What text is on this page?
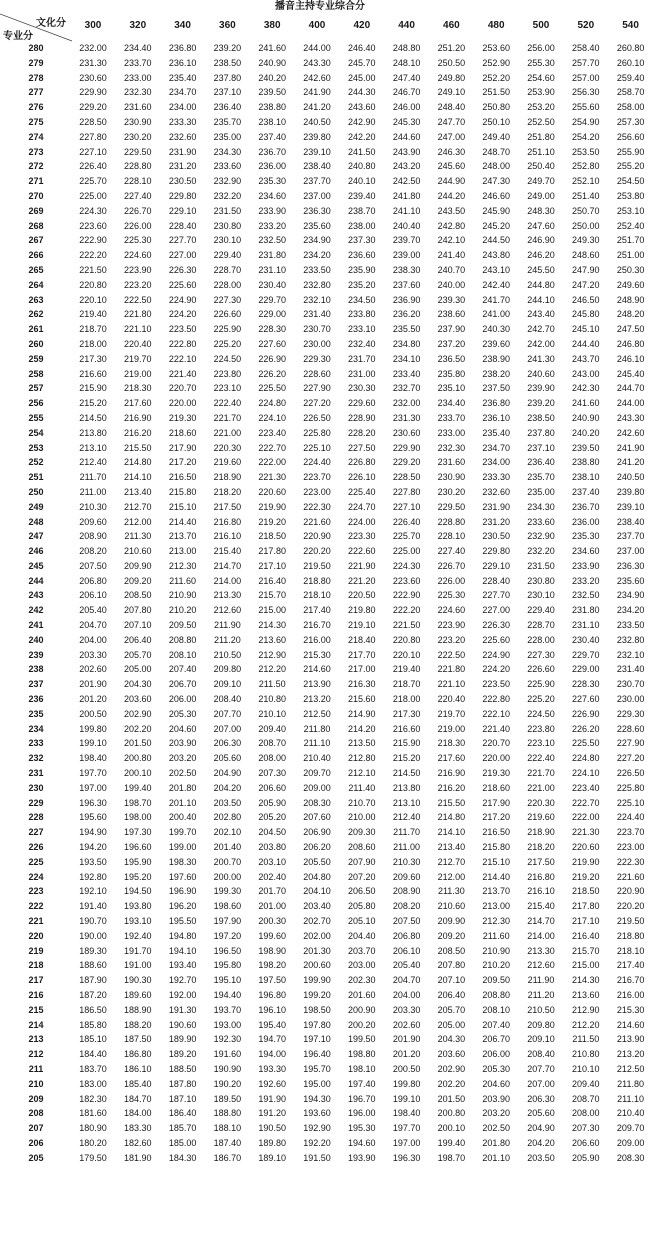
播音主持专业综合分
文化分
专业分
300	320	340	360	380	400	420	440	460	480	500	520	540
280	232.00	234.40	236.80	239.20	241.60	244.00	246.40	248.80	251.20	253.60	256.00	258.40	260.80
279	231.30	233.70	236.10	238.50	240.90	243.30	245.70	248.10	250.50	252.90	255.30	257.70	260.10
278	230.60	233.00	235.40	237.80	240.20	242.60	245.00	247.40	249.80	252.20	254.60	257.00	259.40
277	229.90	232.30	234.70	237.10	239.50	241.90	244.30	246.70	249.10	251.50	253.90	256.30	258.70
276	229.20	231.60	234.00	236.40	238.80	241.20	243.60	246.00	248.40	250.80	253.20	255.60	258.00
275	228.50	230.90	233.30	235.70	238.10	240.50	242.90	245.30	247.70	250.10	252.50	254.90	257.30
274	227.80	230.20	232.60	235.00	237.40	239.80	242.20	244.60	247.00	249.40	251.80	254.20	256.60
273	227.10	229.50	231.90	234.30	236.70	239.10	241.50	243.90	246.30	248.70	251.10	253.50	255.90
272	226.40	228.80	231.20	233.60	236.00	238.40	240.80	243.20	245.60	248.00	250.40	252.80	255.20
271	225.70	228.10	230.50	232.90	235.30	237.70	240.10	242.50	244.90	247.30	249.70	252.10	254.50
270	225.00	227.40	229.80	232.20	234.60	237.00	239.40	241.80	244.20	246.60	249.00	251.40	253.80
269	224.30	226.70	229.10	231.50	233.90	236.30	238.70	241.10	243.50	245.90	248.30	250.70	253.10
268	223.60	226.00	228.40	230.80	233.20	235.60	238.00	240.40	242.80	245.20	247.60	250.00	252.40
267	222.90	225.30	227.70	230.10	232.50	234.90	237.30	239.70	242.10	244.50	246.90	249.30	251.70
266	222.20	224.60	227.00	229.40	231.80	234.20	236.60	239.00	241.40	243.80	246.20	248.60	251.00
265	221.50	223.90	226.30	228.70	231.10	233.50	235.90	238.30	240.70	243.10	245.50	247.90	250.30
264	220.80	223.20	225.60	228.00	230.40	232.80	235.20	237.60	240.00	242.40	244.80	247.20	249.60
263	220.10	222.50	224.90	227.30	229.70	232.10	234.50	236.90	239.30	241.70	244.10	246.50	248.90
262	219.40	221.80	224.20	226.60	229.00	231.40	233.80	236.20	238.60	241.00	243.40	245.80	248.20
261	218.70	221.10	223.50	225.90	228.30	230.70	233.10	235.50	237.90	240.30	242.70	245.10	247.50
260	218.00	220.40	222.80	225.20	227.60	230.00	232.40	234.80	237.20	239.60	242.00	244.40	246.80
259	217.30	219.70	222.10	224.50	226.90	229.30	231.70	234.10	236.50	238.90	241.30	243.70	246.10
258	216.60	219.00	221.40	223.80	226.20	228.60	231.00	233.40	235.80	238.20	240.60	243.00	245.40
257	215.90	218.30	220.70	223.10	225.50	227.90	230.30	232.70	235.10	237.50	239.90	242.30	244.70
256	215.20	217.60	220.00	222.40	224.80	227.20	229.60	232.00	234.40	236.80	239.20	241.60	244.00
255	214.50	216.90	219.30	221.70	224.10	226.50	228.90	231.30	233.70	236.10	238.50	240.90	243.30
254	213.80	216.20	218.60	221.00	223.40	225.80	228.20	230.60	233.00	235.40	237.80	240.20	242.60
253	213.10	215.50	217.90	220.30	222.70	225.10	227.50	229.90	232.30	234.70	237.10	239.50	241.90
252	212.40	214.80	217.20	219.60	222.00	224.40	226.80	229.20	231.60	234.00	236.40	238.80	241.20
251	211.70	214.10	216.50	218.90	221.30	223.70	226.10	228.50	230.90	233.30	235.70	238.10	240.50
250	211.00	213.40	215.80	218.20	220.60	223.00	225.40	227.80	230.20	232.60	235.00	237.40	239.80
249	210.30	212.70	215.10	217.50	219.90	222.30	224.70	227.10	229.50	231.90	234.30	236.70	239.10
248	209.60	212.00	214.40	216.80	219.20	221.60	224.00	226.40	228.80	231.20	233.60	236.00	238.40
247	208.90	211.30	213.70	216.10	218.50	220.90	223.30	225.70	228.10	230.50	232.90	235.30	237.70
246	208.20	210.60	213.00	215.40	217.80	220.20	222.60	225.00	227.40	229.80	232.20	234.60	237.00
245	207.50	209.90	212.30	214.70	217.10	219.50	221.90	224.30	226.70	229.10	231.50	233.90	236.30
244	206.80	209.20	211.60	214.00	216.40	218.80	221.20	223.60	226.00	228.40	230.80	233.20	235.60
243	206.10	208.50	210.90	213.30	215.70	218.10	220.50	222.90	225.30	227.70	230.10	232.50	234.90
242	205.40	207.80	210.20	212.60	215.00	217.40	219.80	222.20	224.60	227.00	229.40	231.80	234.20
241	204.70	207.10	209.50	211.90	214.30	216.70	219.10	221.50	223.90	226.30	228.70	231.10	233.50
240	204.00	206.40	208.80	211.20	213.60	216.00	218.40	220.80	223.20	225.60	228.00	230.40	232.80
239	203.30	205.70	208.10	210.50	212.90	215.30	217.70	220.10	222.50	224.90	227.30	229.70	232.10
238	202.60	205.00	207.40	209.80	212.20	214.60	217.00	219.40	221.80	224.20	226.60	229.00	231.40
237	201.90	204.30	206.70	209.10	211.50	213.90	216.30	218.70	221.10	223.50	225.90	228.30	230.70
236	201.20	203.60	206.00	208.40	210.80	213.20	215.60	218.00	220.40	222.80	225.20	227.60	230.00
235	200.50	202.90	205.30	207.70	210.10	212.50	214.90	217.30	219.70	222.10	224.50	226.90	229.30
234	199.80	202.20	204.60	207.00	209.40	211.80	214.20	216.60	219.00	221.40	223.80	226.20	228.60
233	199.10	201.50	203.90	206.30	208.70	211.10	213.50	215.90	218.30	220.70	223.10	225.50	227.90
232	198.40	200.80	203.20	205.60	208.00	210.40	212.80	215.20	217.60	220.00	222.40	224.80	227.20
231	197.70	200.10	202.50	204.90	207.30	209.70	212.10	214.50	216.90	219.30	221.70	224.10	226.50
230	197.00	199.40	201.80	204.20	206.60	209.00	211.40	213.80	216.20	218.60	221.00	223.40	225.80
229	196.30	198.70	201.10	203.50	205.90	208.30	210.70	213.10	215.50	217.90	220.30	222.70	225.10
228	195.60	198.00	200.40	202.80	205.20	207.60	210.00	212.40	214.80	217.20	219.60	222.00	224.40
227	194.90	197.30	199.70	202.10	204.50	206.90	209.30	211.70	214.10	216.50	218.90	221.30	223.70
226	194.20	196.60	199.00	201.40	203.80	206.20	208.60	211.00	213.40	215.80	218.20	220.60	223.00
225	193.50	195.90	198.30	200.70	203.10	205.50	207.90	210.30	212.70	215.10	217.50	219.90	222.30
224	192.80	195.20	197.60	200.00	202.40	204.80	207.20	209.60	212.00	214.40	216.80	219.20	221.60
223	192.10	194.50	196.90	199.30	201.70	204.10	206.50	208.90	211.30	213.70	216.10	218.50	220.90
222	191.40	193.80	196.20	198.60	201.00	203.40	205.80	208.20	210.60	213.00	215.40	217.80	220.20
221	190.70	193.10	195.50	197.90	200.30	202.70	205.10	207.50	209.90	212.30	214.70	217.10	219.50
220	190.00	192.40	194.80	197.20	199.60	202.00	204.40	206.80	209.20	211.60	214.00	216.40	218.80
219	189.30	191.70	194.10	196.50	198.90	201.30	203.70	206.10	208.50	210.90	213.30	215.70	218.10
218	188.60	191.00	193.40	195.80	198.20	200.60	203.00	205.40	207.80	210.20	212.60	215.00	217.40
217	187.90	190.30	192.70	195.10	197.50	199.90	202.30	204.70	207.10	209.50	211.90	214.30	216.70
216	187.20	189.60	192.00	194.40	196.80	199.20	201.60	204.00	206.40	208.80	211.20	213.60	216.00
215	186.50	188.90	191.30	193.70	196.10	198.50	200.90	203.30	205.70	208.10	210.50	212.90	215.30
214	185.80	188.20	190.60	193.00	195.40	197.80	200.20	202.60	205.00	207.40	209.80	212.20	214.60
213	185.10	187.50	189.90	192.30	194.70	197.10	199.50	201.90	204.30	206.70	209.10	211.50	213.90
212	184.40	186.80	189.20	191.60	194.00	196.40	198.80	201.20	203.60	206.00	208.40	210.80	213.20
211	183.70	186.10	188.50	190.90	193.30	195.70	198.10	200.50	202.90	205.30	207.70	210.10	212.50
210	183.00	185.40	187.80	190.20	192.60	195.00	197.40	199.80	202.20	204.60	207.00	209.40	211.80
209	182.30	184.70	187.10	189.50	191.90	194.30	196.70	199.10	201.50	203.90	206.30	208.70	211.10
208	181.60	184.00	186.40	188.80	191.20	193.60	196.00	198.40	200.80	203.20	205.60	208.00	210.40
207	180.90	183.30	185.70	188.10	190.50	192.90	195.30	197.70	200.10	202.50	204.90	207.30	209.70
206	180.20	182.60	185.00	187.40	189.80	192.20	194.60	197.00	199.40	201.80	204.20	206.60	209.00
205	179.50	181.90	184.30	186.70	189.10	191.50	193.90	196.30	198.70	201.10	203.50	205.90	208.30
